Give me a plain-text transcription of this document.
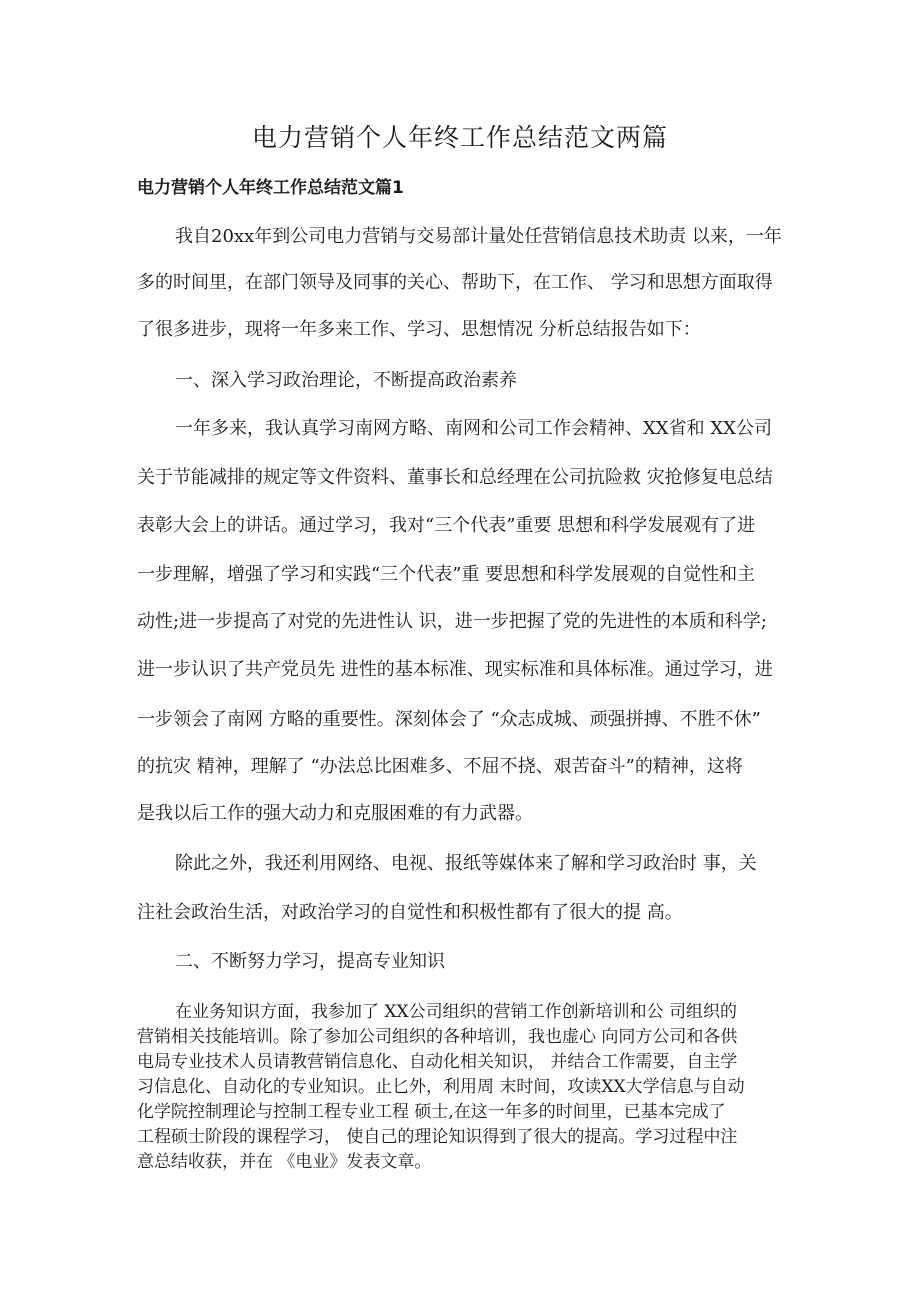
电力营销个人年终工作总结范文两篇
电力营销个人年终工作总结范文篇1
我自20xx年到公司电力营销与交易部计量处任营销信息技术助责 以来，一年
多的时间里，在部门领导及同事的关心、帮助下，在工作、 学习和思想方面取得
了很多进步，现将一年多来工作、学习、思想情况 分析总结报告如下：
一、深入学习政治理论，不断提高政治素养
一年多来，我认真学习南网方略、南网和公司工作会精神、XX省和 XX公司
关于节能减排的规定等文件资料、董事长和总经理在公司抗险救 灾抢修复电总结
表彰大会上的讲话。通过学习，我对“三个代表”重要 思想和科学发展观有了进
一步理解，增强了学习和实践“三个代表”重 要思想和科学发展观的自觉性和主
动性;进一步提高了对党的先进性认 识，进一步把握了党的先进性的本质和科学;
进一步认识了共产党员先 进性的基本标准、现实标准和具体标准。通过学习，进
一步领会了南网 方略的重要性。深刻体会了 “众志成城、顽强拼搏、不胜不休”
的抗灾 精神，理解了 “办法总比困难多、不屈不挠、艰苦奋斗”的精神，这将
是我以后工作的强大动力和克服困难的有力武器。
除此之外，我还利用网络、电视、报纸等媒体来了解和学习政治时 事，关
注社会政治生活，对政治学习的自觉性和积极性都有了很大的提 高。
二、不断努力学习，提高专业知识
在业务知识方面，我参加了 XX公司组织的营销工作创新培训和公 司组织的
营销相关技能培训。除了参加公司组织的各种培训，我也虚心 向同方公司和各供
电局专业技术人员请教营销信息化、自动化相关知识， 并结合工作需要，自主学
习信息化、自动化的专业知识。止匕外，利用周 末时间，攻读XX大学信息与自动
化学院控制理论与控制工程专业工程 硕士,在这一年多的时间里，已基本完成了
工程硕士阶段的课程学习， 使自己的理论知识得到了很大的提高。学习过程中注
意总结收获，并在 《电业》发表文章。
